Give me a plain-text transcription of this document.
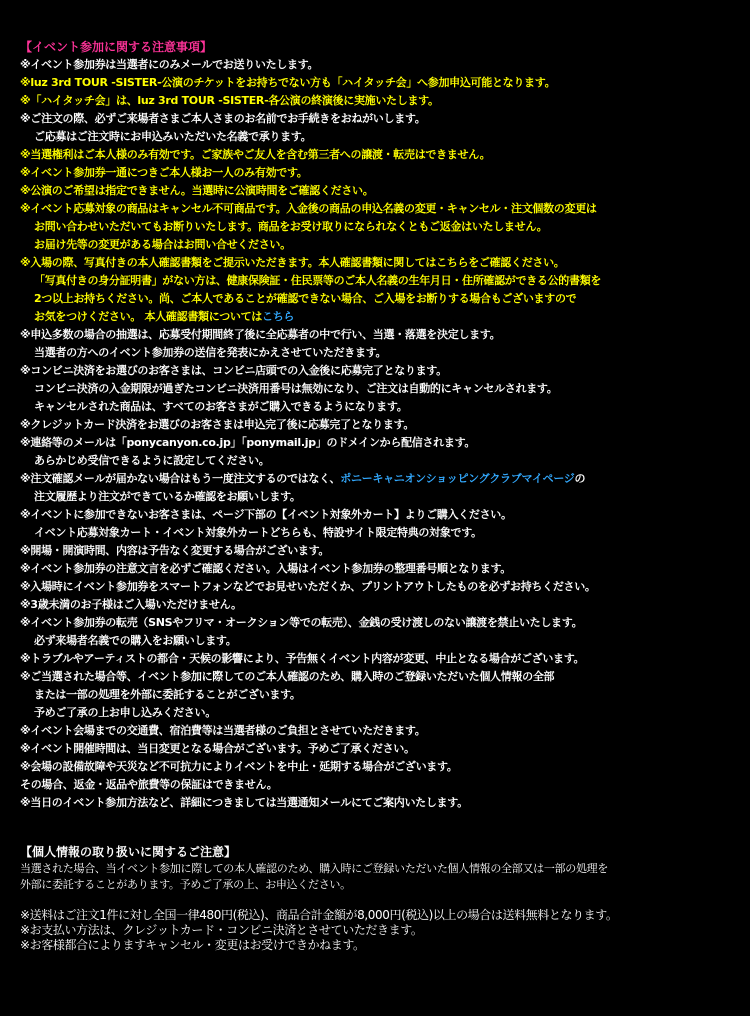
【イベント参加に関する注意事項】
※イベント参加券は当選者にのみメールでお送りいたします。
※luz 3rd TOUR -SISTER-公演のチケットをお持ちでない方も「ハイタッチ会」へ参加申込可能となります。
※「ハイタッチ会」は、luz 3rd TOUR -SISTER-各公演の終演後に実施いたします。
※ご注文の際、必ずご来場者さまご本人さまのお名前でお手続きをおねがいします。
ご応募はご注文時にお申込みいただいた名義で承ります。
※当選権利はご本人様のみ有効です。ご家族やご友人を含む第三者への譲渡・転売はできません。
※イベント参加券一通につきご本人様お一人のみ有効です。
※公演のご希望は指定できません。当選時に公演時間をご確認ください。
※イベント応募対象の商品はキャンセル不可商品です。入金後の商品の申込名義の変更・キャンセル・注文個数の変更は
お問い合わせいただいてもお断りいたします。商品をお受け取りになられなくともご返金はいたしません。
お届け先等の変更がある場合はお問い合せください。
※入場の際、写真付きの本人確認書類をご提示いただきます。本人確認書類に関してはこちらをご確認ください。
「写真付きの身分証明書」がない方は、健康保険証・住民票等のご本人名義の生年月日・住所確認ができる公的書類を
2つ以上お持ちください。尚、ご本人であることが確認できない場合、ご入場をお断りする場合もございますので
お気をつけください。 本人確認書類についてはこちら
※申込多数の場合の抽選は、応募受付期間終了後に全応募者の中で行い、当選・落選を決定します。
当選者の方へのイベント参加券の送信を発表にかえさせていただきます。
※コンビニ決済をお選びのお客さまは、コンビニ店頭での入金後に応募完了となります。
コンビニ決済の入金期限が過ぎたコンビニ決済用番号は無効になり、ご注文は自動的にキャンセルされます。
キャンセルされた商品は、すべてのお客さまがご購入できるようになります。
※クレジットカード決済をお選びのお客さまは申込完了後に応募完了となります。
※連絡等のメールは「ponycanyon.co.jp」「ponymail.jp」のドメインから配信されます。
あらかじめ受信できるように設定してください。
※注文確認メールが届かない場合はもう一度注文するのではなく、ポニーキャニオンショッピングクラブマイページの
注文履歴より注文ができているか確認をお願いします。
※イベントに参加できないお客さまは、ページ下部の【イベント対象外カート】よりご購入ください。
イベント応募対象カート・イベント対象外カートどちらも、特設サイト限定特典の対象です。
※開場・開演時間、内容は予告なく変更する場合がございます。
※イベント参加券の注意文言を必ずご確認ください。入場はイベント参加券の整理番号順となります。
※入場時にイベント参加券をスマートフォンなどでお見せいただくか、プリントアウトしたものを必ずお持ちください。
※3歳未満のお子様はご入場いただけません。
※イベント参加券の転売（SNSやフリマ・オークション等での転売）、金銭の受け渡しのない譲渡を禁止いたします。
必ず来場者名義での購入をお願いします。
※トラブルやアーティストの都合・天候の影響により、予告無くイベント内容が変更、中止となる場合がございます。
※ご当選された場合等、イベント参加に際してのご本人確認のため、購入時のご登録いただいた個人情報の全部
または一部の処理を外部に委託することがございます。
予めご了承の上お申し込みください。
※イベント会場までの交通費、宿泊費等は当選者様のご負担とさせていただきます。
※イベント開催時間は、当日変更となる場合がございます。予めご了承ください。
※会場の設備故障や天災など不可抗力によりイベントを中止・延期する場合がございます。
その場合、返金・返品や旅費等の保証はできません。
※当日のイベント参加方法など、詳細につきましては当選通知メールにてご案内いたします。
【個人情報の取り扱いに関するご注意】
当選された場合、当イベント参加に際しての本人確認のため、購入時にご登録いただいた個人情報の全部又は一部の処理を
外部に委託することがあります。予めご了承の上、お申込ください。
※送料はご注文1件に対し全国一律480円(税込)、商品合計金額が8,000円(税込)以上の場合は送料無料となります。
※お支払い方法は、クレジットカード・コンビニ決済とさせていただきます。
※お客様都合によりますキャンセル・変更はお受けできかねます。
